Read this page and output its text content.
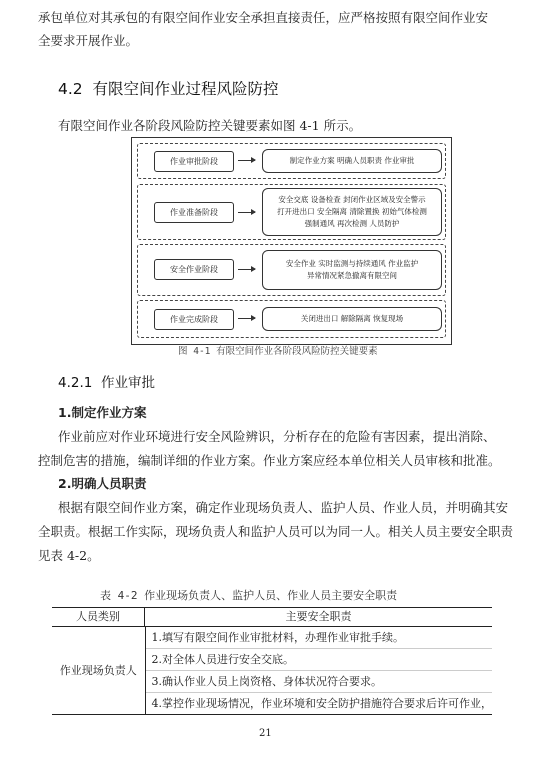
承包单位对其承包的有限空间作业安全承担直接责任，应严格按照有限空间作业安
全要求开展作业。
4.2 有限空间作业过程风险防控
有限空间作业各阶段风险防控关键要素如图 4-1 所示。
作业审批阶段	制定作业方案 明确人员职责 作业审批
作业准备阶段
安全交底 设备检查 封闭作业区域及安全警示
打开进出口 安全隔离 清除置换 初始气体检测
强制通风 再次检测 人员防护
安全作业阶段
安全作业 实时监测与持续通风 作业监护
异常情况紧急撤离有限空间
作业完成阶段	关闭进出口 解除隔离 恢复现场
图 4-1 有限空间作业各阶段风险防控关键要素
4.2.1 作业审批
1.制定作业方案
作业前应对作业环境进行安全风险辨识，分析存在的危险有害因素，提出消除、
控制危害的措施，编制详细的作业方案。作业方案应经本单位相关人员审核和批准。
2.明确人员职责
根据有限空间作业方案，确定作业现场负责人、监护人员、作业人员，并明确其安
全职责。根据工作实际，现场负责人和监护人员可以为同一人。相关人员主要安全职责
见表 4-2。
表 4-2 作业现场负责人、监护人员、作业人员主要安全职责
人员类别	主要安全职责
作业现场负责人
1.填写有限空间作业审批材料，办理作业审批手续。
2.对全体人员进行安全交底。
3.确认作业人员上岗资格、身体状况符合要求。
4.掌控作业现场情况，作业环境和安全防护措施符合要求后许可作业，
21
